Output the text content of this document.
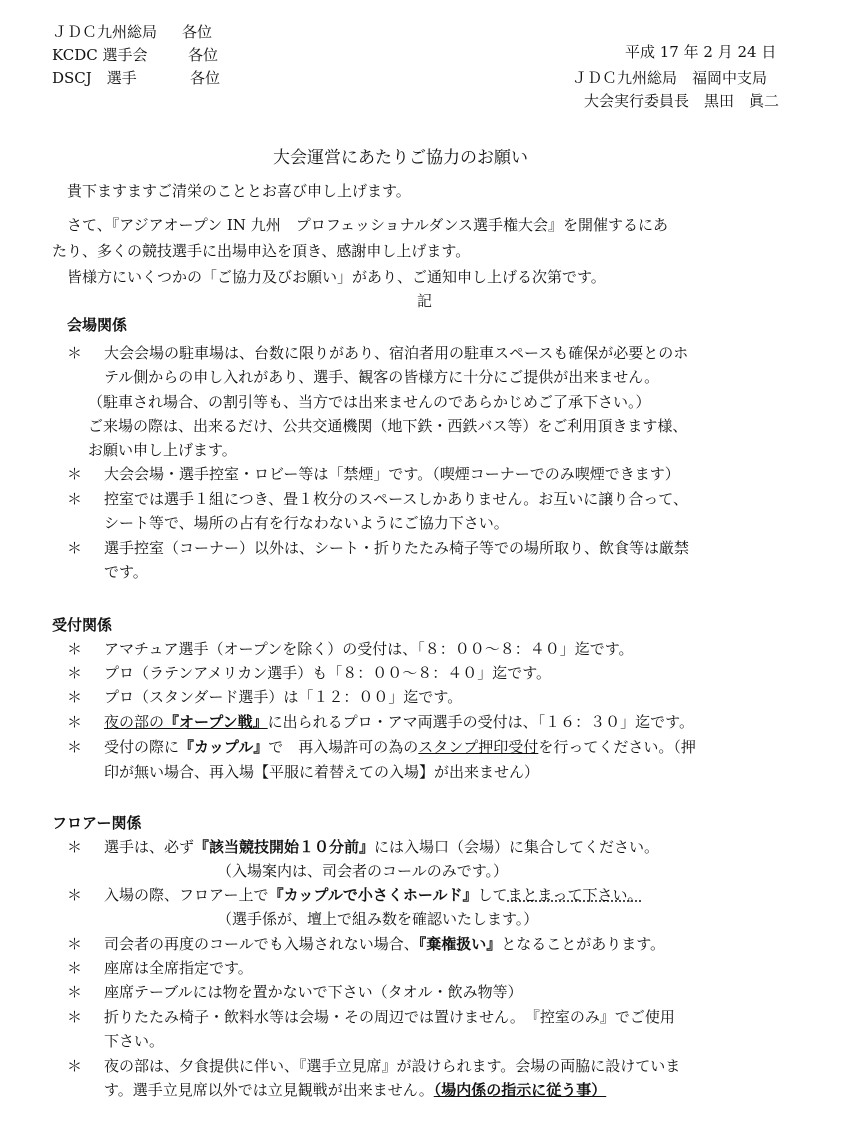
ＪＤＣ九州総局 各位
KCDC 選手会	各位
DSCJ　選手	各位
平成 17 年 2 月 24 日
ＪＤＣ九州総局　福岡中支局
大会実行委員長　黒田　眞二
大会運営にあたりご協力のお願い
貴下ますますご清栄のこととお喜び申し上げます。
さて、『アジアオープン IN 九州　プロフェッショナルダンス選手権大会』を開催するにあ
たり、多くの競技選手に出場申込を頂き、感謝申し上げます。
皆様方にいくつかの「ご協力及びお願い」があり、ご通知申し上げる次第です。
記
会場関係
＊ 大会会場の駐車場は、台数に限りがあり、宿泊者用の駐車スペースも確保が必要とのホ
テル側からの申し入れがあり、選手、観客の皆様方に十分にご提供が出来ません。
（駐車され場合、の割引等も、当方では出来ませんのであらかじめご了承下さい。）
ご来場の際は、出来るだけ、公共交通機関（地下鉄・西鉄バス等）をご利用頂きます様、
お願い申し上げます。
＊ 大会会場・選手控室・ロビー等は「禁煙」です。（喫煙コーナーでのみ喫煙できます）
＊ 控室では選手１組につき、畳１枚分のスペースしかありません。お互いに譲り合って、
シート等で、場所の占有を行なわないようにご協力下さい。
＊ 選手控室（コーナー）以外は、シート・折りたたみ椅子等での場所取り、飲食等は厳禁
です。
受付関係
＊ アマチュア選手（オープンを除く）の受付は、「８：００～８：４０」迄です。
＊ プロ（ラテンアメリカン選手）も「８：００～８：４０」迄です。
＊ プロ（スタンダード選手）は「１２：００」迄です。
＊ 夜の部の『オープン戦』に出られるプロ・アマ両選手の受付は、「１６：３０」迄です。
＊ 受付の際に『カップル』で　再入場許可の為のスタンプ押印受付を行ってください。（押
印が無い場合、再入場【平服に着替えての入場】が出来ません）
フロアー関係
＊ 選手は、必ず『該当競技開始１０分前』には入場口（会場）に集合してください。
（入場案内は、司会者のコールのみです。）
＊ 入場の際、フロアー上で『カップルで小さくホールド』してまとまって下さい。
（選手係が、壇上で組み数を確認いたします。）
＊ 司会者の再度のコールでも入場されない場合、『棄権扱い』となることがあります。
＊ 座席は全席指定です。
＊ 座席テーブルには物を置かないで下さい（タオル・飲み物等）
＊ 折りたたみ椅子・飲料水等は会場・その周辺では置けません。　『控室のみ』でご使用
下さい。
＊ 夜の部は、夕食提供に伴い、『選手立見席』が設けられます。会場の両脇に設けていま
す。選手立見席以外では立見観戦が出来ません。（場内係の指示に従う事）
